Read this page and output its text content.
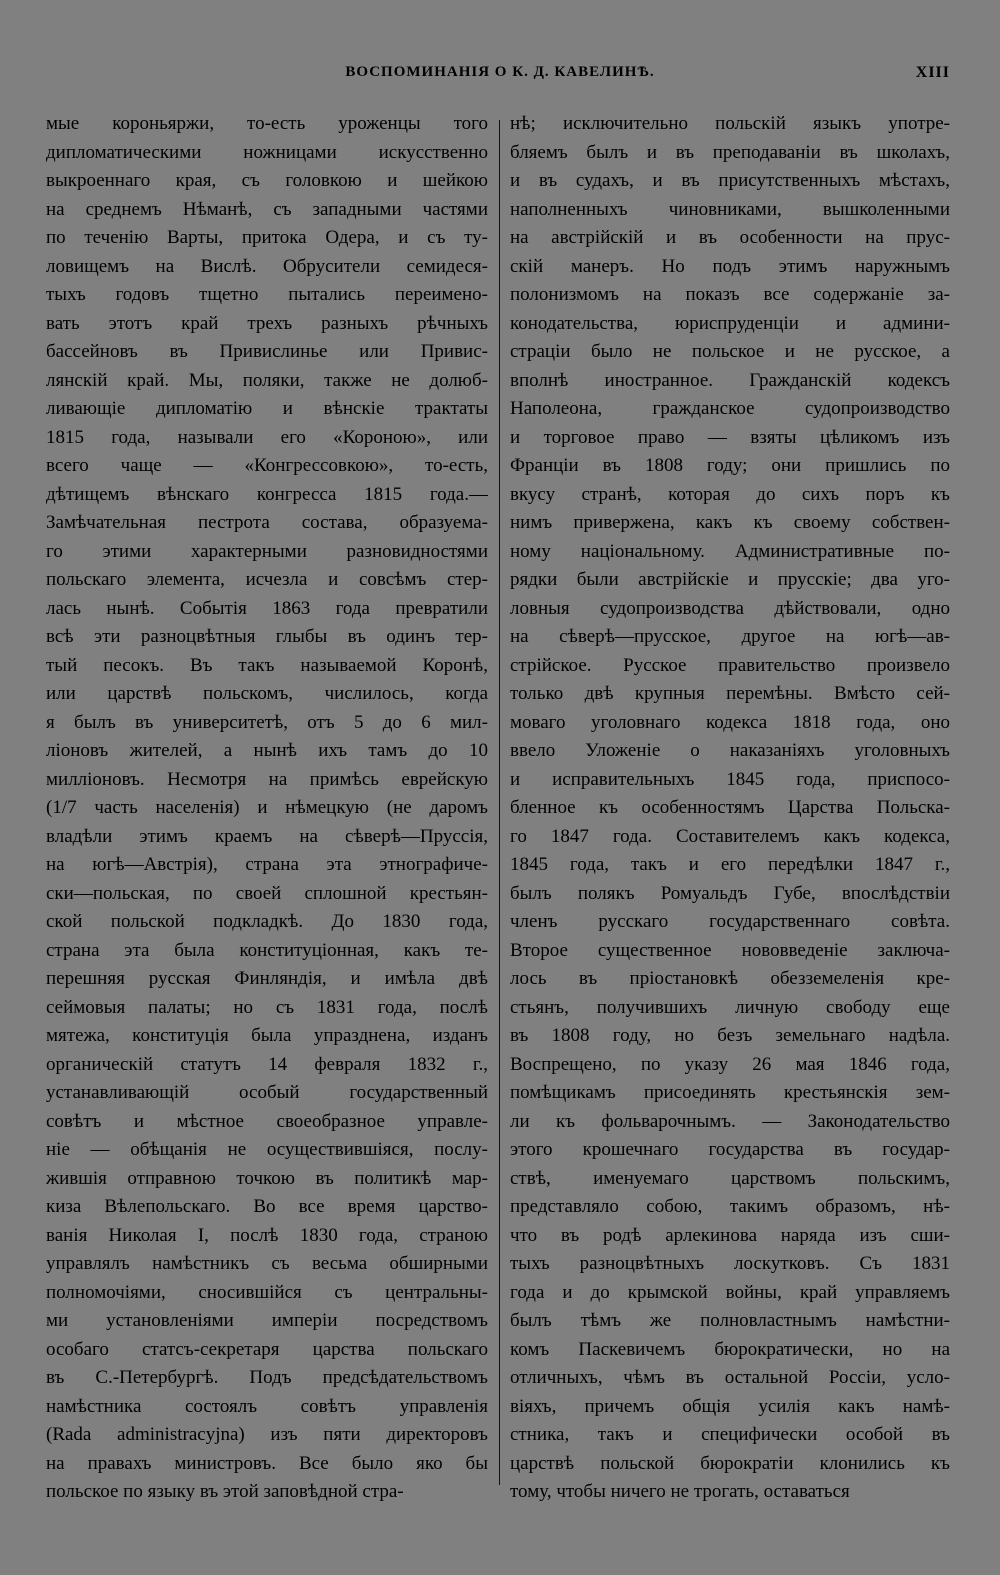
ВОСПОМИНАНІЯ О К. Д. КАВЕЛИНѢ.	XIII
мые короньяржи, то-есть уроженцы того
дипломатическими ножницами искусственно
выкроеннаго края, съ головкою и шейкою
на среднемъ Нѣманѣ, съ западными частями
по теченію Варты, притока Одера, и съ ту-
ловищемъ на Вислѣ. Обрусители семидеся-
тыхъ годовъ тщетно пытались переимено-
вать этотъ край трехъ разныхъ рѣчныхъ
бассейновъ въ Привислинье или Привис-
лянскій край. Мы, поляки, также не долюб-
ливающіе дипломатію и вѣнскіе трактаты
1815 года, называли его «Короною», или
всего чаще — «Конгрессовкою», то-есть,
дѣтищемъ вѣнскаго конгресса 1815 года.—
Замѣчательная пестрота состава, образуема-
го этими характерными разновидностями
польскаго элемента, исчезла и совсѣмъ стер-
лась нынѣ. Событія 1863 года превратили
всѣ эти разноцвѣтныя глыбы въ одинъ тер-
тый песокъ. Въ такъ называемой Коронѣ,
или царствѣ польскомъ, числилось, когда
я былъ въ университетѣ, отъ 5 до 6 мил-
ліоновъ жителей, а нынѣ ихъ тамъ до 10
милліоновъ. Несмотря на примѣсь еврейскую
(1/7 часть населенія) и нѣмецкую (не даромъ
владѣли этимъ краемъ на сѣверѣ—Пруссія,
на югѣ—Австрія), страна эта этнографиче-
ски—польская, по своей сплошной крестьян-
ской польской подкладкѣ. До 1830 года,
страна эта была конституціонная, какъ те-
перешняя русская Финляндія, и имѣла двѣ
сеймовыя палаты; но съ 1831 года, послѣ
мятежа, конституція была упразднена, изданъ
органическій статутъ 14 февраля 1832 г.,
устанавливающій особый государственный
совѣтъ и мѣстное своеобразное управле-
ніе — обѣщанія не осуществившіяся, послу-
жившія отправною точкою въ политикѣ мар-
киза Вѣлепольскаго. Во все время царство-
ванія Николая I, послѣ 1830 года, страною
управлялъ намѣстникъ съ весьма обширными
полномочіями, сносившійся съ центральны-
ми установленіями имперіи посредствомъ
особаго статсъ-секретаря царства польскаго
въ С.-Петербургѣ. Подъ предсѣдательствомъ
намѣстника состоялъ совѣтъ управленія
(Rada administracyjna) изъ пяти директоровъ
на правахъ министровъ. Все было яко бы
польское по языку въ этой заповѣдной стра-
нѣ; исключительно польскій языкъ употре-
бляемъ былъ и въ преподаваніи въ школахъ,
и въ судахъ, и въ присутственныхъ мѣстахъ,
наполненныхъ чиновниками, вышколенными
на австрійскій и въ особенности на прус-
скій манеръ. Но подъ этимъ наружнымъ
полонизмомъ на показъ все содержаніе за-
конодательства, юриспруденціи и админи-
страціи было не польское и не русское, а
вполнѣ иностранное. Гражданскій кодексъ
Наполеона, гражданское судопроизводство
и торговое право — взяты цѣликомъ изъ
Франціи въ 1808 году; они пришлись по
вкусу странѣ, которая до сихъ поръ къ
нимъ привержена, какъ къ своему собствен-
ному національному. Административные по-
рядки были австрійскіе и прусскіе; два уго-
ловныя судопроизводства дѣйствовали, одно
на сѣверѣ—прусское, другое на югѣ—ав-
стрійское. Русское правительство произвело
только двѣ крупныя перемѣны. Вмѣсто сей-
моваго уголовнаго кодекса 1818 года, оно
ввело Уложеніе о наказаніяхъ уголовныхъ
и исправительныхъ 1845 года, приспосо-
бленное къ особенностямъ Царства Польска-
го 1847 года. Составителемъ какъ кодекса,
1845 года, такъ и его передѣлки 1847 г.,
былъ полякъ Ромуальдъ Губе, впослѣдствіи
членъ русскаго государственнаго совѣта.
Второе существенное нововведеніе заключа-
лось въ пріостановкѣ обезземеленія кре-
стьянъ, получившихъ личную свободу еще
въ 1808 году, но безъ земельнаго надѣла.
Воспрещено, по указу 26 мая 1846 года,
помѣщикамъ присоединять крестьянскія зем-
ли къ фольварочнымъ. — Законодательство
этого крошечнаго государства въ государ-
ствѣ, именуемаго царствомъ польскимъ,
представляло собою, такимъ образомъ, нѣ-
что въ родѣ арлекинова наряда изъ сши-
тыхъ разноцвѣтныхъ лоскутковъ. Съ 1831
года и до крымской войны, край управляемъ
былъ тѣмъ же полновластнымъ намѣстни-
комъ Паскевичемъ бюрократически, но на
отличныхъ, чѣмъ въ остальной Россіи, усло-
віяхъ, причемъ общія усилія какъ намѣ-
стника, такъ и специфически особой въ
царствѣ польской бюрократіи клонились къ
тому, чтобы ничего не трогать, оставаться
